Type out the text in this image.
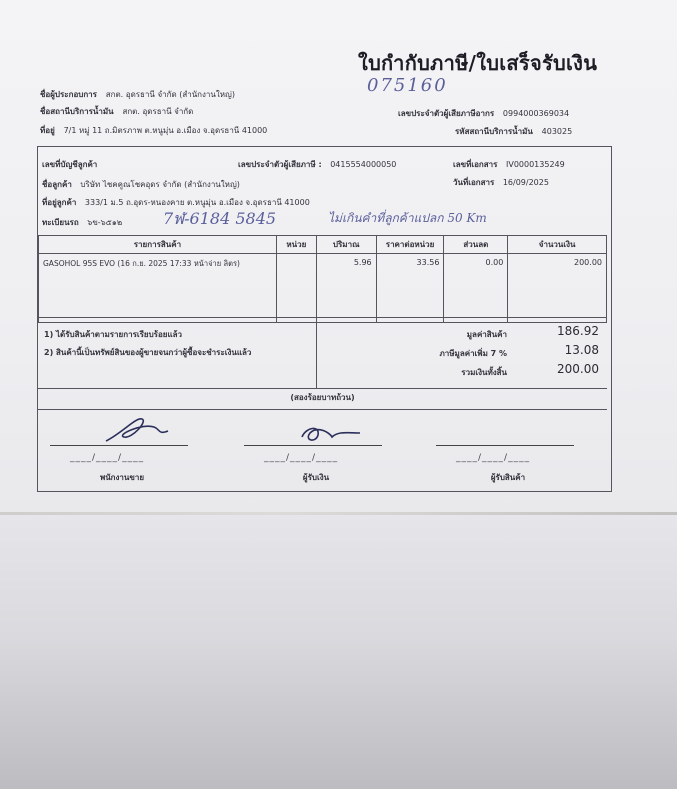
ใบกำกับภาษี/ใบเสร็จรับเงิน
075160
ชื่อผู้ประกอบการ สกต. อุดรธานี จำกัด (สำนักงานใหญ่)
ชื่อสถานีบริการน้ำมัน สกต. อุดรธานี จำกัด
ที่อยู่ 7/1 หมู่ 11 ถ.มิตรภาพ ต.หนูมุ่น อ.เมือง จ.อุดรธานี 41000
เลขประจำตัวผู้เสียภาษีอากร 0994000369034
รหัสสถานีบริการน้ำมัน 403025
เลขที่บัญชีลูกค้า	เลขประจำตัวผู้เสียภาษี : 0415554000050	เลขที่เอกสาร IV0000135249
ชื่อลูกค้า บริษัท ไชคคูณโชคอุดร จำกัด (สำนักงานใหญ่)	วันที่เอกสาร 16/09/2025
ที่อยู่ลูกค้า 333/1 ม.5 ถ.อุดร-หนองคาย ต.หนูมุ่น อ.เมือง จ.อุดรธานี 41000
ทะเบียนรถ ๖ข-๖๕๑๒	7ฬ-6184 5845	ไม่เกินคำที่ลูกค้าแปลก 50 Km
รายการสินค้า	หน่วย	ปริมาณ	ราคาต่อหน่วย	ส่วนลด	จำนวนเงิน
GASOHOL 95S EVO (16 ก.ย. 2025 17:33 หน้าจ่าย ลิตร)		5.96	33.56	0.00	200.00
1) ได้รับสินค้าตามรายการเรียบร้อยแล้ว
2) สินค้านี้เป็นทรัพย์สินของผู้ขายจนกว่าผู้ซื้อจะชำระเงินแล้ว
มูลค่าสินค้า	186.92
ภาษีมูลค่าเพิ่ม 7 %	13.08
รวมเงินทั้งสิ้น	200.00
(สองร้อยบาทถ้วน)
____/____/____
พนักงานขาย
____/____/____
ผู้รับเงิน
____/____/____
ผู้รับสินค้า
